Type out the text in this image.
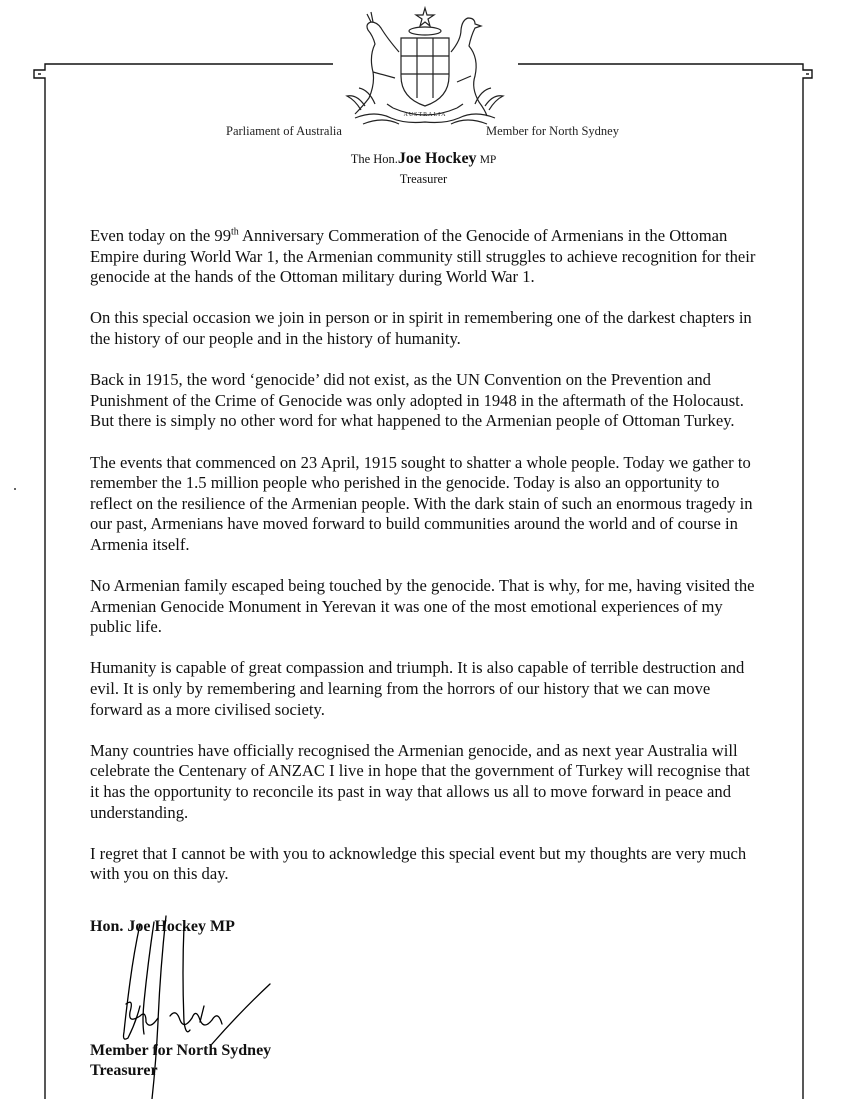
AUSTRALIA
Parliament of Australia	Member for North Sydney
The Hon.Joe Hockey MP
Treasurer

Even today on the 99th Anniversary Commeration of the Genocide of Armenians in the Ottoman Empire during World War 1, the Armenian community still struggles to achieve recognition for their genocide at the hands of the Ottoman military during World War 1.

On this special occasion we join in person or in spirit in remembering one of the darkest chapters in the history of our people and in the history of humanity.

Back in 1915, the word ‘genocide’ did not exist, as the UN Convention on the Prevention and Punishment of the Crime of Genocide was only adopted in 1948 in the aftermath of the Holocaust. But there is simply no other word for what happened to the Armenian people of Ottoman Turkey.

The events that commenced on 23 April, 1915 sought to shatter a whole people. Today we gather to remember the 1.5 million people who perished in the genocide. Today is also an opportunity to reflect on the resilience of the Armenian people. With the dark stain of such an enormous tragedy in our past, Armenians have moved forward to build communities around the world and of course in Armenia itself.

No Armenian family escaped being touched by the genocide. That is why, for me, having visited the Armenian Genocide Monument in Yerevan it was one of the most emotional experiences of my public life.

Humanity is capable of great compassion and triumph. It is also capable of terrible destruction and evil. It is only by remembering and learning from the horrors of our history that we can move forward as a more civilised society.

Many countries have officially recognised the Armenian genocide, and as next year Australia will celebrate the Centenary of ANZAC I live in hope that the government of Turkey will recognise that it has the opportunity to reconcile its past in way that allows us all to move forward in peace and understanding.

I regret that I cannot be with you to acknowledge this special event but my thoughts are very much with you on this day.

Hon. Joe Hockey MP
Member for North Sydney
Treasurer
